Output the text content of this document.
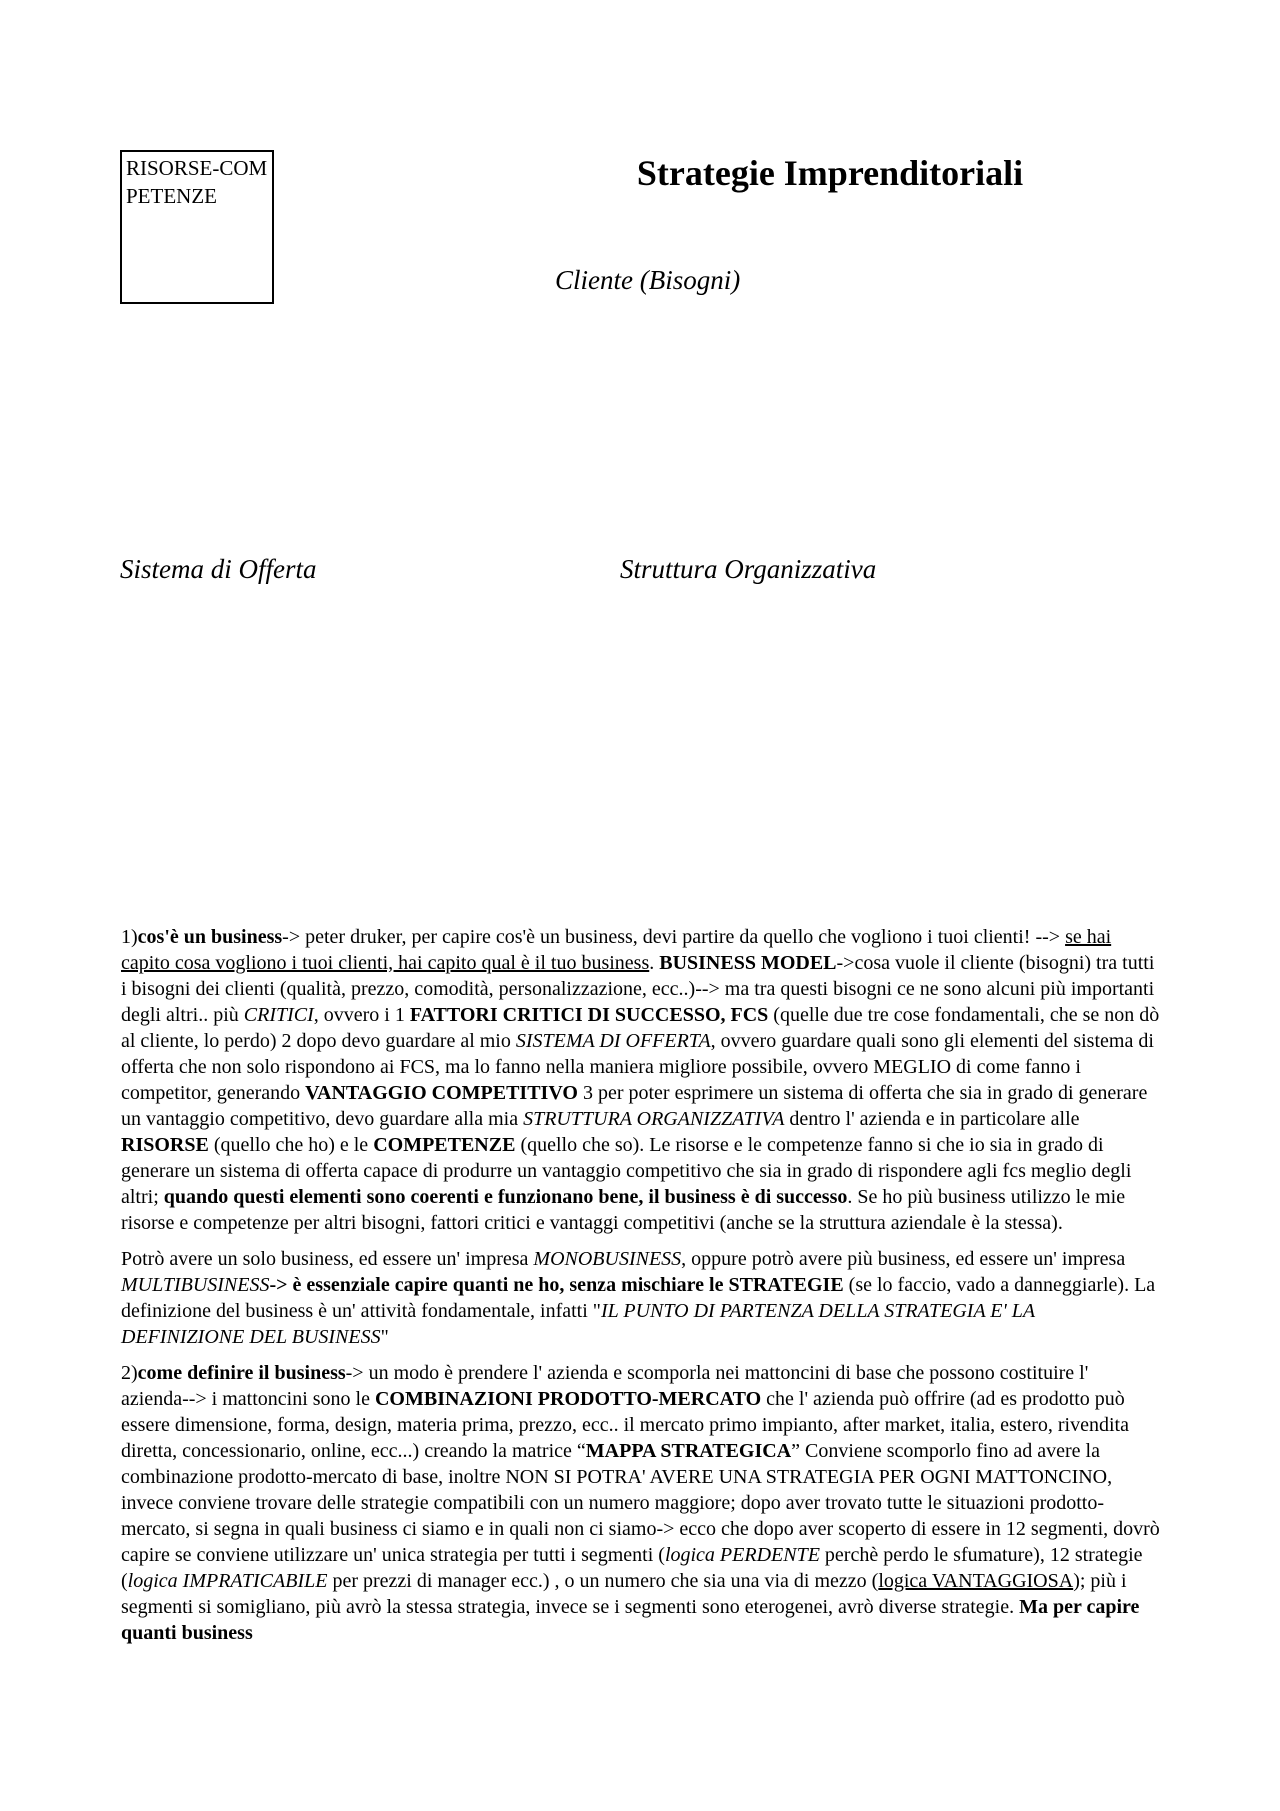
RISORSE-COMPETENZE
Strategie Imprenditoriali
Cliente (Bisogni)
Sistema di Offerta	Struttura Organizzativa

1)cos'è un business-> peter druker, per capire cos'è un business, devi partire da quello che vogliono i tuoi clienti! --> se hai capito cosa vogliono i tuoi clienti, hai capito qual è il tuo business. BUSINESS MODEL->cosa vuole il cliente (bisogni) tra tutti i bisogni dei clienti (qualità, prezzo, comodità, personalizzazione, ecc..)--> ma tra questi bisogni ce ne sono alcuni più importanti degli altri.. più CRITICI, ovvero i 1 FATTORI CRITICI DI SUCCESSO, FCS (quelle due tre cose fondamentali, che se non dò al cliente, lo perdo) 2 dopo devo guardare al mio SISTEMA DI OFFERTA, ovvero guardare quali sono gli elementi del sistema di offerta che non solo rispondono ai FCS, ma lo fanno nella maniera migliore possibile, ovvero MEGLIO di come fanno i competitor, generando VANTAGGIO COMPETITIVO 3 per poter esprimere un sistema di offerta che sia in grado di generare un vantaggio competitivo, devo guardare alla mia STRUTTURA ORGANIZZATIVA dentro l' azienda e in particolare alle RISORSE (quello che ho) e le COMPETENZE (quello che so). Le risorse e le competenze fanno si che io sia in grado di generare un sistema di offerta capace di produrre un vantaggio competitivo che sia in grado di rispondere agli fcs meglio degli altri; quando questi elementi sono coerenti e funzionano bene, il business è di successo. Se ho più business utilizzo le mie risorse e competenze per altri bisogni, fattori critici e vantaggi competitivi (anche se la struttura aziendale è la stessa).

Potrò avere un solo business, ed essere un' impresa MONOBUSINESS, oppure potrò avere più business, ed essere un' impresa MULTIBUSINESS-> è essenziale capire quanti ne ho, senza mischiare le STRATEGIE (se lo faccio, vado a danneggiarle). La definizione del business è un' attività fondamentale, infatti "IL PUNTO DI PARTENZA DELLA STRATEGIA E' LA DEFINIZIONE DEL BUSINESS"

2)come definire il business-> un modo è prendere l' azienda e scomporla nei mattoncini di base che possono costituire l' azienda--> i mattoncini sono le COMBINAZIONI PRODOTTO-MERCATO che l' azienda può offrire (ad es prodotto può essere dimensione, forma, design, materia prima, prezzo, ecc.. il mercato primo impianto, after market, italia, estero, rivendita diretta, concessionario, online, ecc...) creando la matrice “MAPPA STRATEGICA” Conviene scomporlo fino ad avere la combinazione prodotto-mercato di base, inoltre NON SI POTRA' AVERE UNA STRATEGIA PER OGNI MATTONCINO, invece conviene trovare delle strategie compatibili con un numero maggiore; dopo aver trovato tutte le situazioni prodotto-mercato, si segna in quali business ci siamo e in quali non ci siamo-> ecco che dopo aver scoperto di essere in 12 segmenti, dovrò capire se conviene utilizzare un' unica strategia per tutti i segmenti (logica PERDENTE perchè perdo le sfumature), 12 strategie (logica IMPRATICABILE per prezzi di manager ecc.) , o un numero che sia una via di mezzo (logica VANTAGGIOSA); più i segmenti si somigliano, più avrò la stessa strategia, invece se i segmenti sono eterogenei, avrò diverse strategie. Ma per capire quanti business
